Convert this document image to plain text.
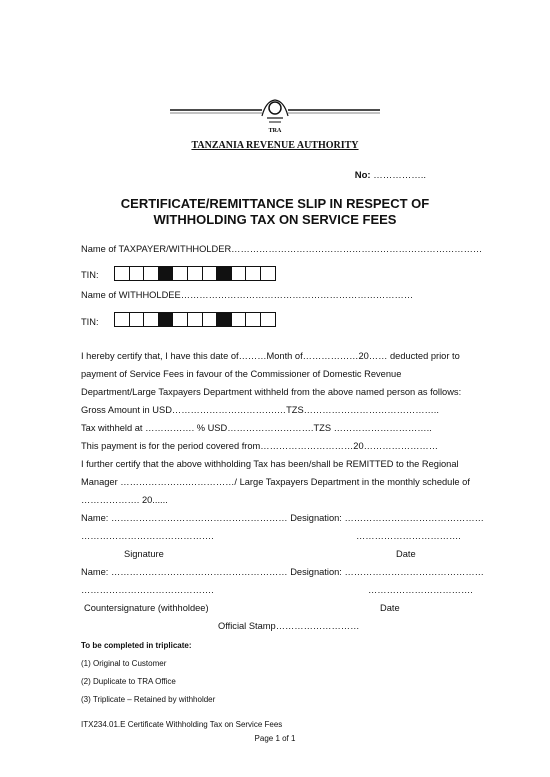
TRA
TANZANIA REVENUE AUTHORITY
No: ……………..
CERTIFICATE/REMITTANCE SLIP IN RESPECT OF
WITHHOLDING TAX ON SERVICE FEES
Name of TAXPAYER/WITHHOLDER………………………………………………………………………
TIN:
Name of WITHHOLDEE…………………………………………………………………
TIN:
I hereby certify that, I have this date of………Month of………………20…… deducted prior to
payment of Service Fees in favour of the Commissioner of Domestic Revenue
Department/Large Taxpayers Department withheld from the above named person as follows:
Gross Amount in USD…………………………….…TZS……………………………………..
Tax withheld at ……………. % USD……………………….TZS …………………………..
This payment is for the period covered from…………………………20……………………
I further certify that the above withholding Tax has been/shall be REMITTED to the Regional
Manager ………………….……………/ Large Taxpayers Department in the monthly schedule of
………………. 20......
Name: ………………………………………………… Designation: ………………………………………
…………………………………….	…………………………….
Signature	Date
Name: ………………………………………………… Designation: ………………………………………
…………………………………….	…………………………….
Countersignature (withholdee)	Date
Official Stamp………………………
To be completed in triplicate:
(1) Original to Customer
(2) Duplicate to TRA Office
(3) Triplicate – Retained by withholder
ITX234.01.E Certificate Withholding Tax on Service Fees
Page 1 of 1
